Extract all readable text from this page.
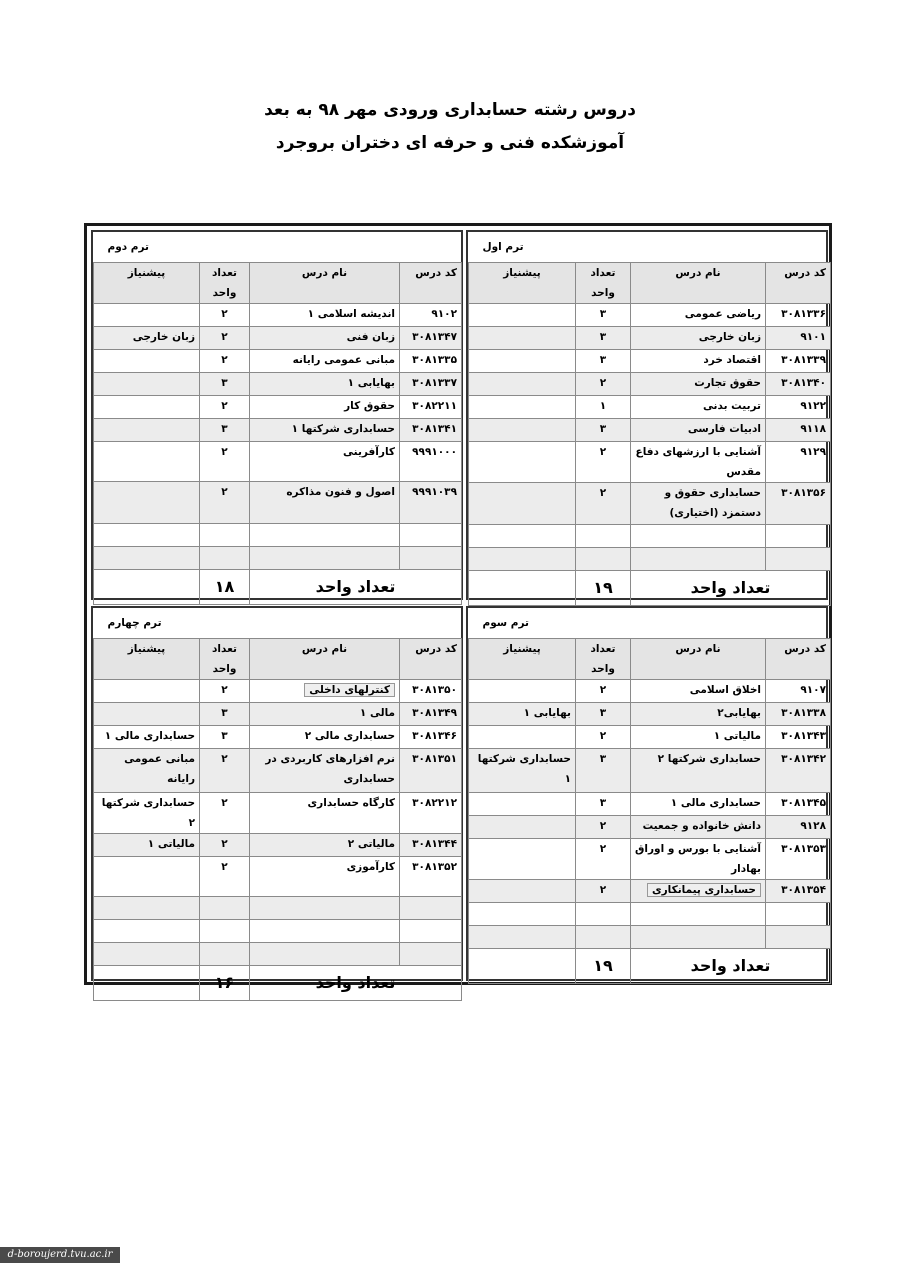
دروس رشته حسابداری ورودی مهر ۹۸ به بعد
آموزشکده فنی و حرفه ای دختران بروجرد
ترم اول			
کد درس	نام درس	تعداد
واحد	پیشنیاز
۳۰۸۱۳۳۶	ریاضی عمومی	۳	
۹۱۰۱	زبان خارجی	۳	
۳۰۸۱۳۳۹	اقتصاد خرد	۳	
۳۰۸۱۳۴۰	حقوق تجارت	۲	
۹۱۲۲	تربیت بدنی	۱	
۹۱۱۸	ادبیات فارسی	۳	
۹۱۲۹	آشنایی با ارزشهای دفاع مقدس	۲	
۳۰۸۱۳۵۶	حسابداری حقوق و دستمزد (اختیاری)	۲	

تعداد واحد		۱۹	
ترم دوم			
کد درس	نام درس	تعداد
واحد	پیشنیاز
۹۱۰۲	اندیشه اسلامی ۱	۲	
۳۰۸۱۳۴۷	زبان فنی	۲	زبان خارجی
۳۰۸۱۳۳۵	مبانی عمومی رایانه	۲	
۳۰۸۱۳۳۷	بهایابی ۱	۳	
۳۰۸۲۲۱۱	حقوق کار	۲	
۳۰۸۱۳۴۱	حسابداری شرکتها ۱	۳	
۹۹۹۱۰۰۰	کارآفرینی	۲	
۹۹۹۱۰۳۹	اصول و فنون مذاکره	۲	

تعداد واحد		۱۸	
ترم سوم			
کد درس	نام درس	تعداد
واحد	پیشنیاز
۹۱۰۷	اخلاق اسلامی	۲	
۳۰۸۱۳۳۸	بهایابی۲	۳	بهایابی ۱
۳۰۸۱۳۴۳	مالیاتی ۱	۲	
۳۰۸۱۳۴۲	حسابداری شرکتها ۲	۳	حسابداری شرکتها ۱
۳۰۸۱۳۴۵	حسابداری مالی ۱	۳	
۹۱۲۸	دانش خانواده و جمعیت	۲	
۳۰۸۱۳۵۳	آشنایی با بورس و اوراق بهادار	۲	
۳۰۸۱۳۵۴	حسابداری پیمانکاری	۲	

تعداد واحد		۱۹	
ترم چهارم			
کد درس	نام درس	تعداد
واحد	پیشنیاز
۳۰۸۱۳۵۰	کنترلهای داخلی	۲	
۳۰۸۱۳۴۹	مالی ۱	۳	
۳۰۸۱۳۴۶	حسابداری مالی ۲	۳	حسابداری مالی ۱
۳۰۸۱۳۵۱	نرم افزارهای کاربردی در حسابداری	۲	مبانی عمومی رایانه
۳۰۸۲۲۱۲	کارگاه حسابداری	۲	حسابداری شرکتها ۲
۳۰۸۱۳۴۴	مالیاتی ۲	۲	مالیاتی ۱
۳۰۸۱۳۵۲	کارآموزی	۲	

تعداد واحد		۱۶	
d-boroujerd.tvu.ac.ir
